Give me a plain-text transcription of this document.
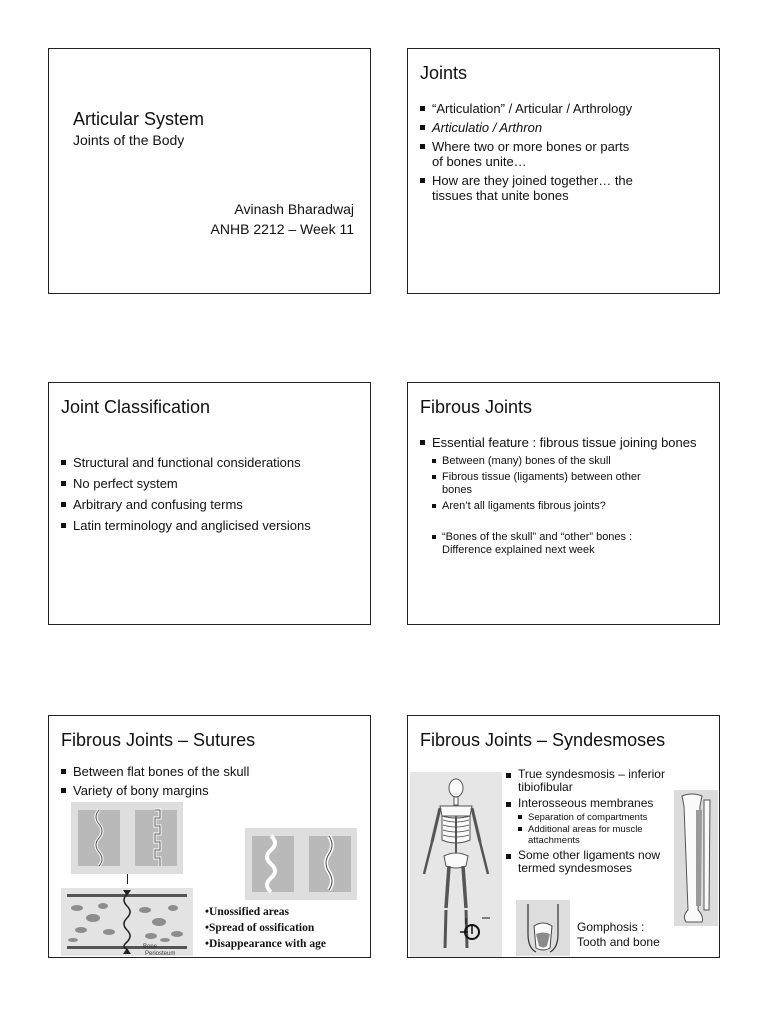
Articular System
Joints of the Body
Avinash Bharadwaj
ANHB 2212 – Week 11
Joints
“Articulation” / Articular / Arthrology
Articulatio / Arthron
Where two or more bones or parts of bones unite…
How are they joined together… the tissues that unite bones
Joint Classification
Structural and functional considerations
No perfect system
Arbitrary and confusing terms
Latin terminology and anglicised versions
Fibrous Joints
Essential feature : fibrous tissue joining bones
Between (many) bones of the skull
Fibrous tissue (ligaments) between other bones
Aren’t all ligaments fibrous joints?
“Bones of the skull” and “other” bones : Difference explained next week
Fibrous Joints – Sutures
Between flat bones of the skull
Variety of bony margins
Bone
Periosteum
•Unossified areas
•Spread of ossification
•Disappearance with age
Fibrous Joints – Syndesmoses
True syndesmosis – inferior tibiofibular
Interosseous membranes
Separation of compartments
Additional areas for muscle attachments
Some other ligaments now termed syndesmoses
Gomphosis :
Tooth and bone
